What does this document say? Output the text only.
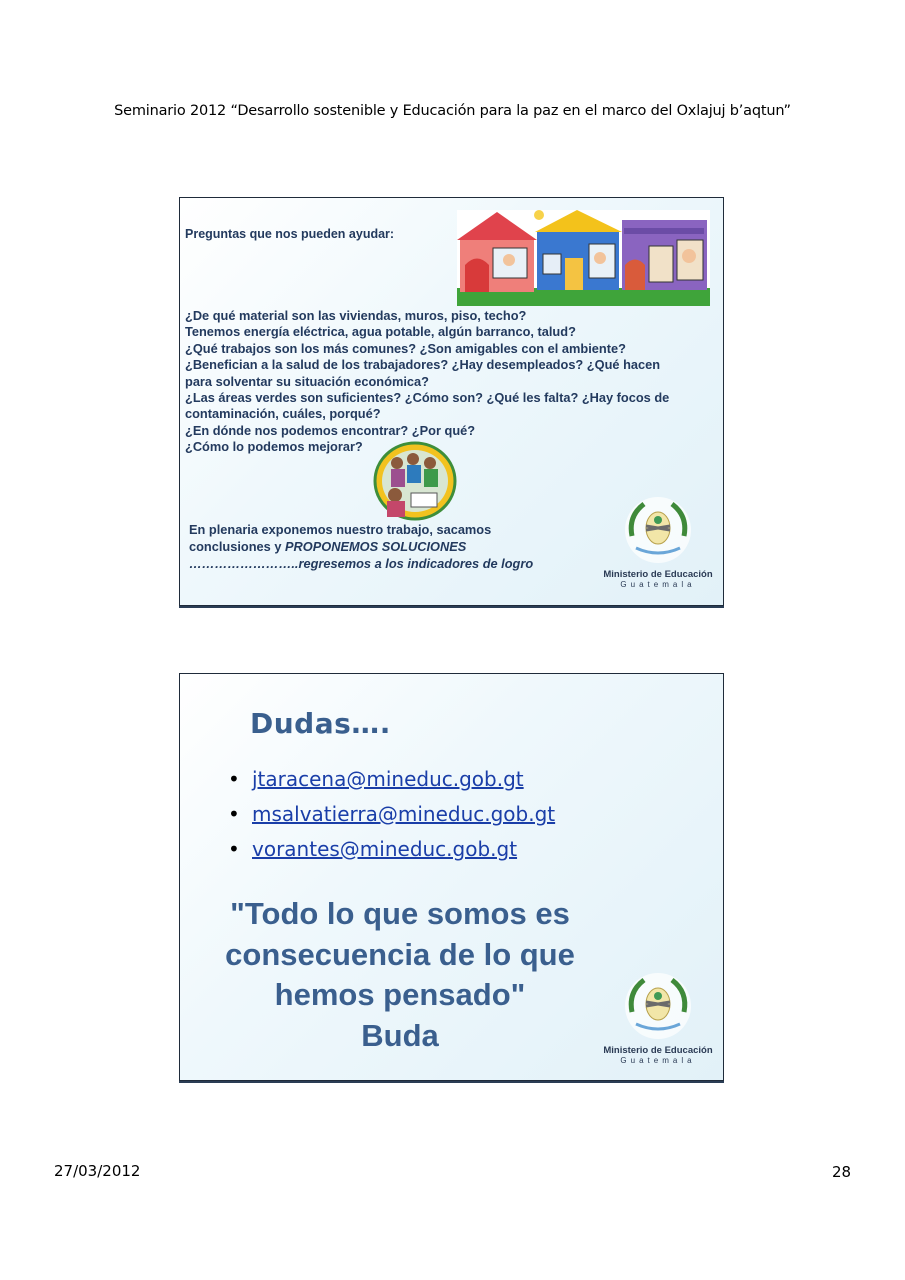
Seminario 2012 “Desarrollo sostenible y Educación para la paz en el marco del Oxlajuj b’aqtun”
Preguntas que nos pueden ayudar:
¿De qué material son las viviendas, muros, piso, techo?
Tenemos energía eléctrica, agua potable, algún barranco, talud?
¿Qué trabajos son los más comunes? ¿Son amigables con el ambiente?
¿Benefician a la salud de los trabajadores? ¿Hay desempleados? ¿Qué hacen
para solventar su situación económica?
¿Las áreas verdes son suficientes? ¿Cómo son? ¿Qué les falta? ¿Hay focos de
contaminación, cuáles, porqué?
¿En dónde nos podemos encontrar? ¿Por qué?
¿Cómo lo podemos mejorar?
En plenaria exponemos nuestro trabajo, sacamos
conclusiones y PROPONEMOS SOLUCIONES
……………………..regresemos a los indicadores de logro
Ministerio de Educación
Guatemala
Dudas….
• jtaracena@mineduc.gob.gt
• msalvatierra@mineduc.gob.gt
• vorantes@mineduc.gob.gt
"Todo lo que somos es
consecuencia de lo que
hemos pensado"
Buda	Ministerio de Educación
Guatemala
27/03/2012	28
